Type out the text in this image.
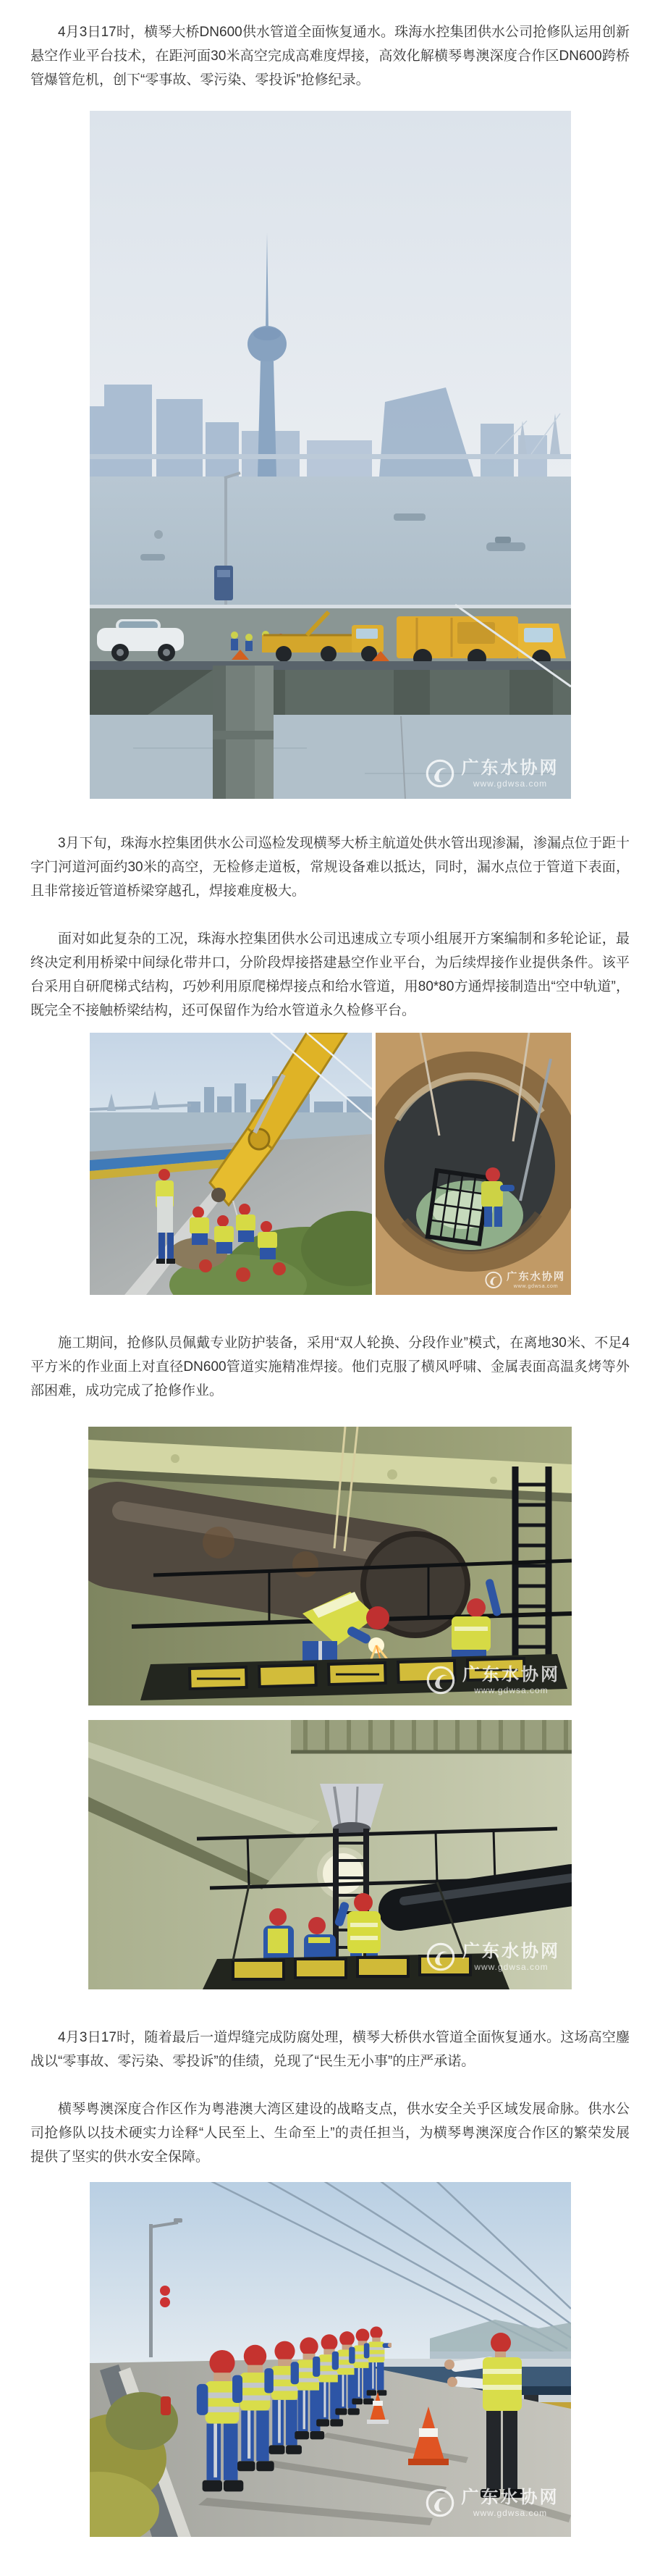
4月3日17时，横琴大桥DN600供水管道全面恢复通水。珠海水控集团供水公司抢修队运用创新悬空作业平台技术，在距河面30米高空完成高难度焊接，高效化解横琴粤澳深度合作区DN600跨桥管爆管危机，创下“零事故、零污染、零投诉”抢修纪录。

广东水协网
www.gdwsa.com

3月下旬，珠海水控集团供水公司巡检发现横琴大桥主航道处供水管出现渗漏，渗漏点位于距十字门河道河面约30米的高空，无检修走道板，常规设备难以抵达，同时，漏水点位于管道下表面，且非常接近管道桥梁穿越孔，焊接难度极大。

面对如此复杂的工况，珠海水控集团供水公司迅速成立专项小组展开方案编制和多轮论证，最终决定利用桥梁中间绿化带井口，分阶段焊接搭建悬空作业平台，为后续焊接作业提供条件。该平台采用自研爬梯式结构，巧妙利用原爬梯焊接点和给水管道，用80*80方通焊接制造出“空中轨道”，既完全不接触桥梁结构，还可保留作为给水管道永久检修平台。

广东水协网
www.gdwsa.com

施工期间，抢修队员佩戴专业防护装备，采用“双人轮换、分段作业”模式，在离地30米、不足4平方米的作业面上对直径DN600管道实施精准焊接。他们克服了横风呼啸、金属表面高温炙烤等外部困难，成功完成了抢修作业。

广东水协网
www.gdwsa.com
广东水协网
www.gdwsa.com

4月3日17时，随着最后一道焊缝完成防腐处理，横琴大桥供水管道全面恢复通水。这场高空鏖战以“零事故、零污染、零投诉”的佳绩，兑现了“民生无小事”的庄严承诺。

横琴粤澳深度合作区作为粤港澳大湾区建设的战略支点，供水安全关乎区域发展命脉。供水公司抢修队以技术硬实力诠释“人民至上、生命至上”的责任担当，为横琴粤澳深度合作区的繁荣发展提供了坚实的供水安全保障。

广东水协网
www.gdwsa.com
